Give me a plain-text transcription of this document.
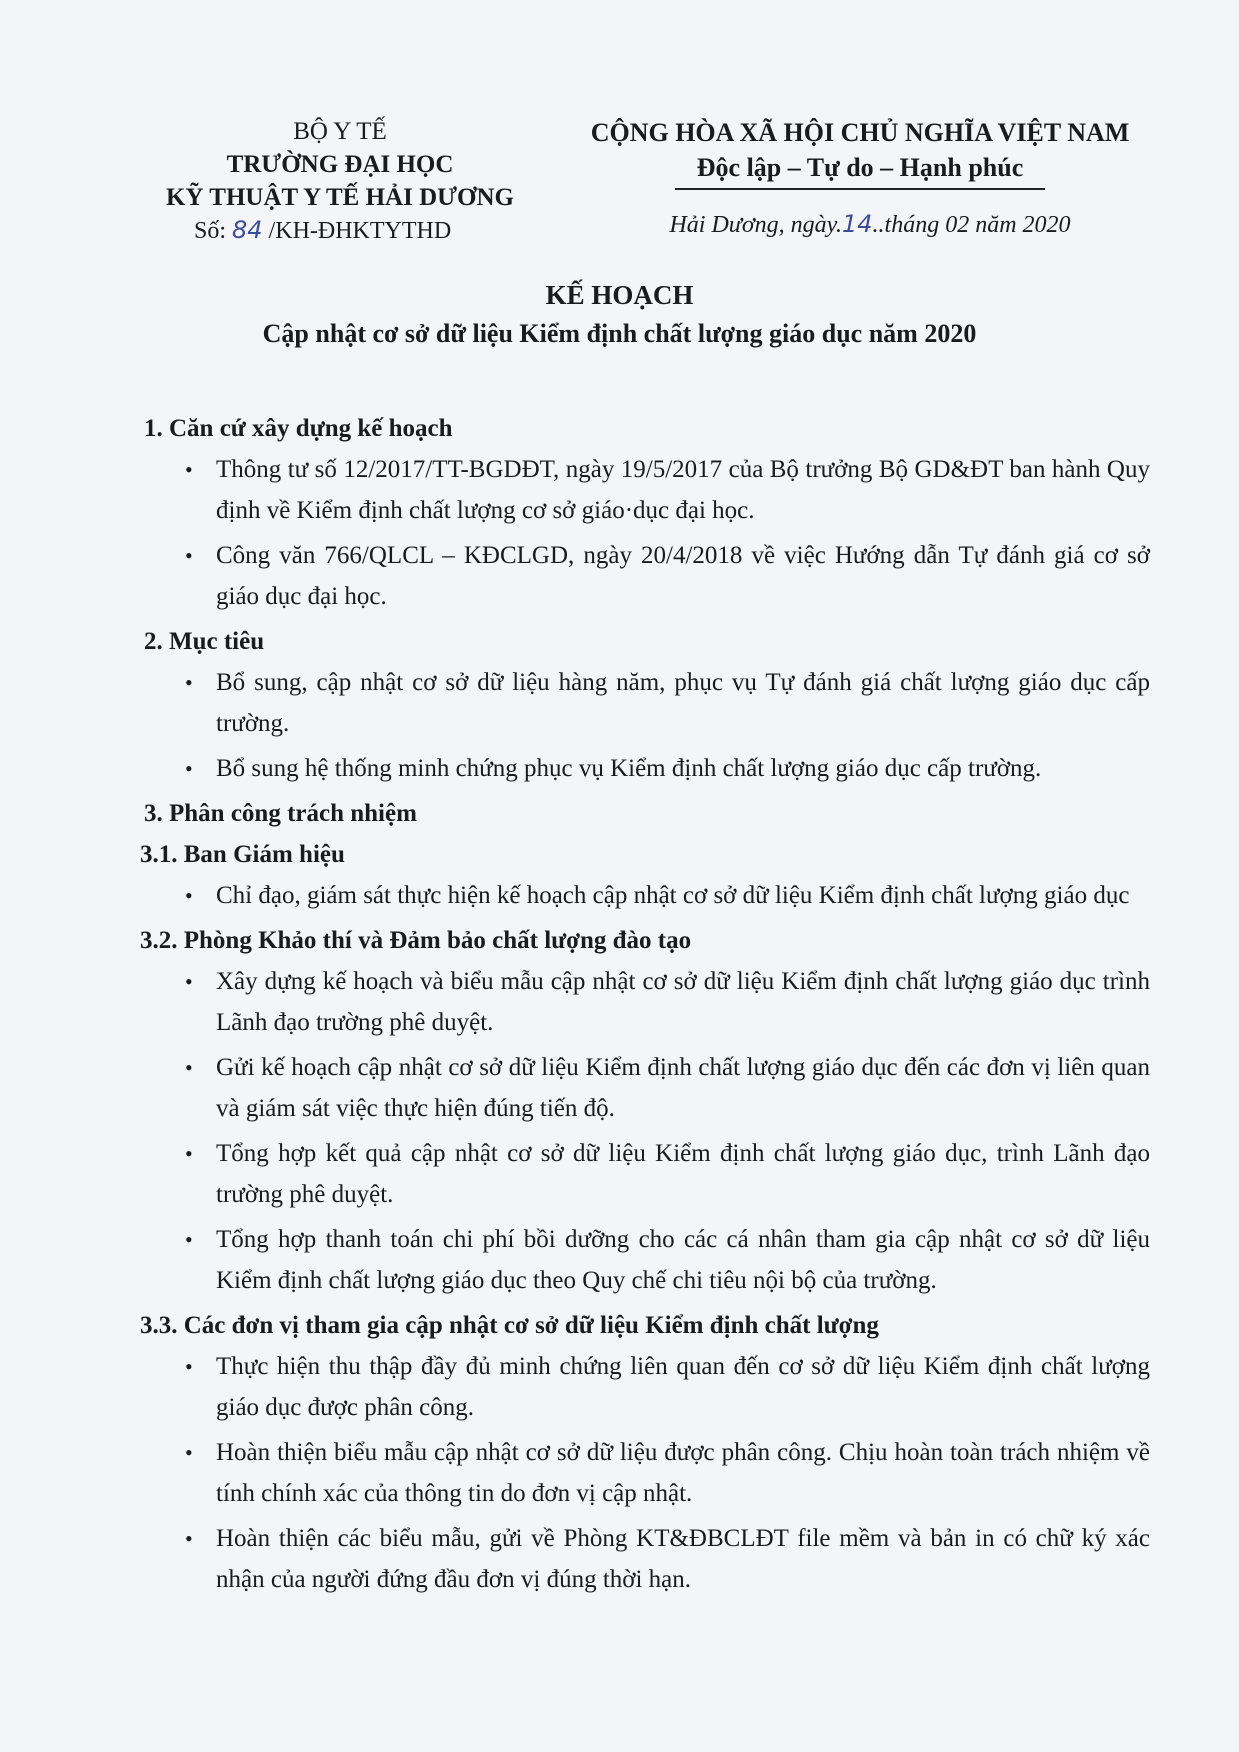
BỘ Y TẾ
TRƯỜNG ĐẠI HỌC
KỸ THUẬT Y TẾ HẢI DƯƠNG
Số: 84 /KH-ĐHKTYTHD
CỘNG HÒA XÃ HỘI CHỦ NGHĨA VIỆT NAM
Độc lập – Tự do – Hạnh phúc
Hải Dương, ngày.14..tháng 02 năm 2020
KẾ HOẠCH
Cập nhật cơ sở dữ liệu Kiểm định chất lượng giáo dục năm 2020
1. Căn cứ xây dựng kế hoạch
• Thông tư số 12/2017/TT-BGDĐT, ngày 19/5/2017 của Bộ trưởng Bộ GD&ĐT ban hành Quy định về Kiểm định chất lượng cơ sở giáo·dục đại học.
• Công văn 766/QLCL – KĐCLGD, ngày 20/4/2018 về việc Hướng dẫn Tự đánh giá cơ sở giáo dục đại học.
2. Mục tiêu
• Bổ sung, cập nhật cơ sở dữ liệu hàng năm, phục vụ Tự đánh giá chất lượng giáo dục cấp trường.
• Bổ sung hệ thống minh chứng phục vụ Kiểm định chất lượng giáo dục cấp trường.
3. Phân công trách nhiệm
3.1. Ban Giám hiệu
• Chỉ đạo, giám sát thực hiện kế hoạch cập nhật cơ sở dữ liệu Kiểm định chất lượng giáo dục
3.2. Phòng Khảo thí và Đảm bảo chất lượng đào tạo
• Xây dựng kế hoạch và biểu mẫu cập nhật cơ sở dữ liệu Kiểm định chất lượng giáo dục trình Lãnh đạo trường phê duyệt.
• Gửi kế hoạch cập nhật cơ sở dữ liệu Kiểm định chất lượng giáo dục đến các đơn vị liên quan và giám sát việc thực hiện đúng tiến độ.
• Tổng hợp kết quả cập nhật cơ sở dữ liệu Kiểm định chất lượng giáo dục, trình Lãnh đạo trường phê duyệt.
• Tổng hợp thanh toán chi phí bồi dưỡng cho các cá nhân tham gia cập nhật cơ sở dữ liệu Kiểm định chất lượng giáo dục theo Quy chế chi tiêu nội bộ của trường.
3.3. Các đơn vị tham gia cập nhật cơ sở dữ liệu Kiểm định chất lượng
• Thực hiện thu thập đầy đủ minh chứng liên quan đến cơ sở dữ liệu Kiểm định chất lượng giáo dục được phân công.
• Hoàn thiện biểu mẫu cập nhật cơ sở dữ liệu được phân công. Chịu hoàn toàn trách nhiệm về tính chính xác của thông tin do đơn vị cập nhật.
• Hoàn thiện các biểu mẫu, gửi về Phòng KT&ĐBCLĐT file mềm và bản in có chữ ký xác nhận của người đứng đầu đơn vị đúng thời hạn.
